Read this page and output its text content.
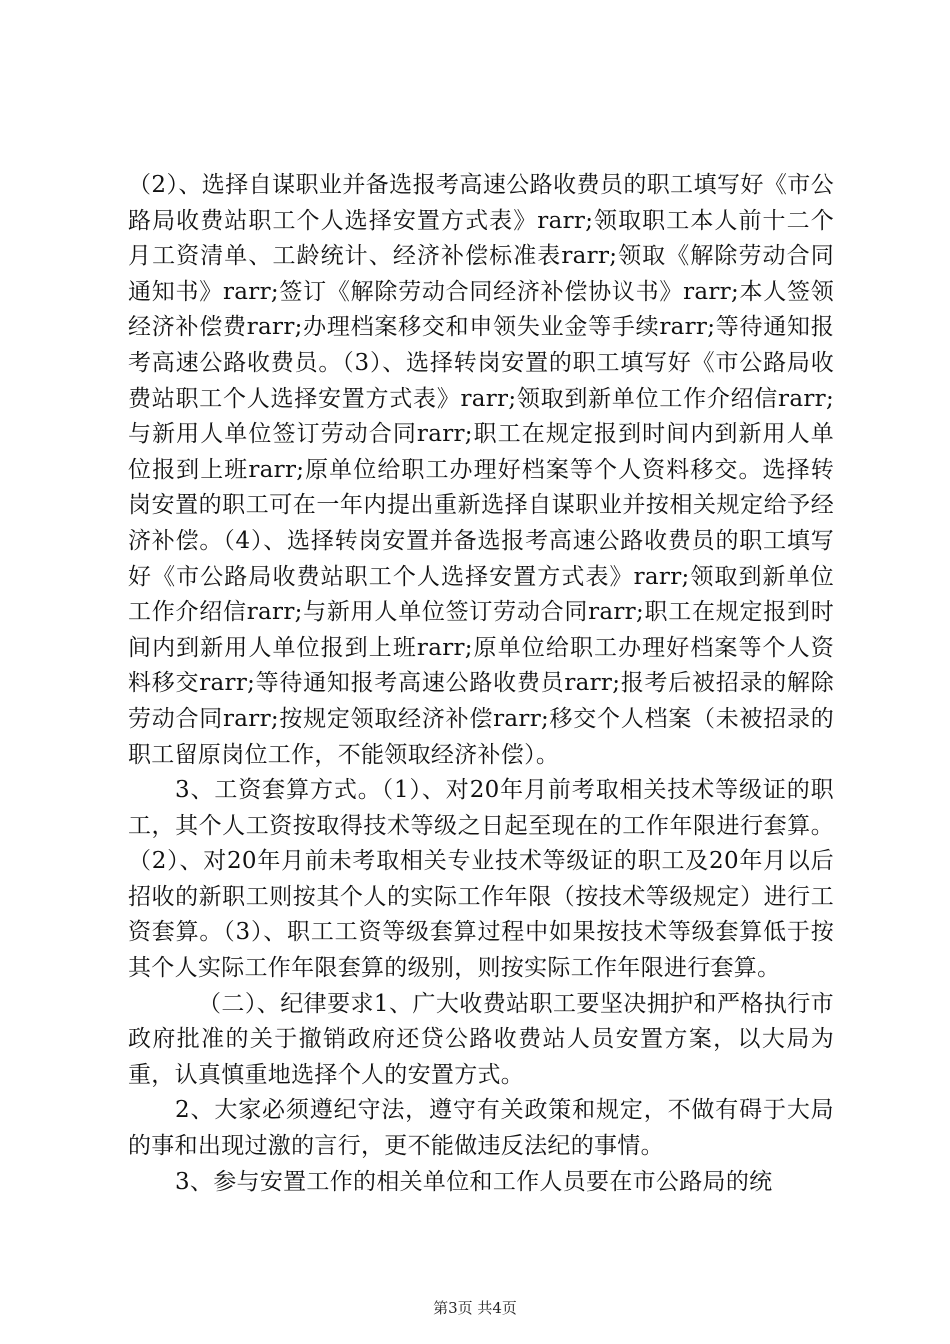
（2）、选择自谋职业并备选报考高速公路收费员的职工填写好《市公路局收费站职工个人选择安置方式表》rarr;领取职工本人前十二个月工资清单、工龄统计、经济补偿标准表rarr;领取《解除劳动合同通知书》rarr;签订《解除劳动合同经济补偿协议书》rarr;本人签领经济补偿费rarr;办理档案移交和申领失业金等手续rarr;等待通知报考高速公路收费员。（3）、选择转岗安置的职工填写好《市公路局收费站职工个人选择安置方式表》rarr;领取到新单位工作介绍信rarr;与新用人单位签订劳动合同rarr;职工在规定报到时间内到新用人单位报到上班rarr;原单位给职工办理好档案等个人资料移交。选择转岗安置的职工可在一年内提出重新选择自谋职业并按相关规定给予经济补偿。（4）、选择转岗安置并备选报考高速公路收费员的职工填写好《市公路局收费站职工个人选择安置方式表》rarr;领取到新单位工作介绍信rarr;与新用人单位签订劳动合同rarr;职工在规定报到时间内到新用人单位报到上班rarr;原单位给职工办理好档案等个人资料移交rarr;等待通知报考高速公路收费员rarr;报考后被招录的解除劳动合同rarr;按规定领取经济补偿rarr;移交个人档案（未被招录的职工留原岗位工作，不能领取经济补偿）。

3、工资套算方式。（1）、对20年月前考取相关技术等级证的职工，其个人工资按取得技术等级之日起至现在的工作年限进行套算。（2）、对20年月前未考取相关专业技术等级证的职工及20年月以后招收的新职工则按其个人的实际工作年限（按技术等级规定）进行工资套算。（3）、职工工资等级套算过程中如果按技术等级套算低于按其个人实际工作年限套算的级别，则按实际工作年限进行套算。

（二）、纪律要求1、广大收费站职工要坚决拥护和严格执行市政府批准的关于撤销政府还贷公路收费站人员安置方案，以大局为重，认真慎重地选择个人的安置方式。

2、大家必须遵纪守法，遵守有关政策和规定，不做有碍于大局的事和出现过激的言行，更不能做违反法纪的事情。

3、参与安置工作的相关单位和工作人员要在市公路局的统

第3页 共4页
